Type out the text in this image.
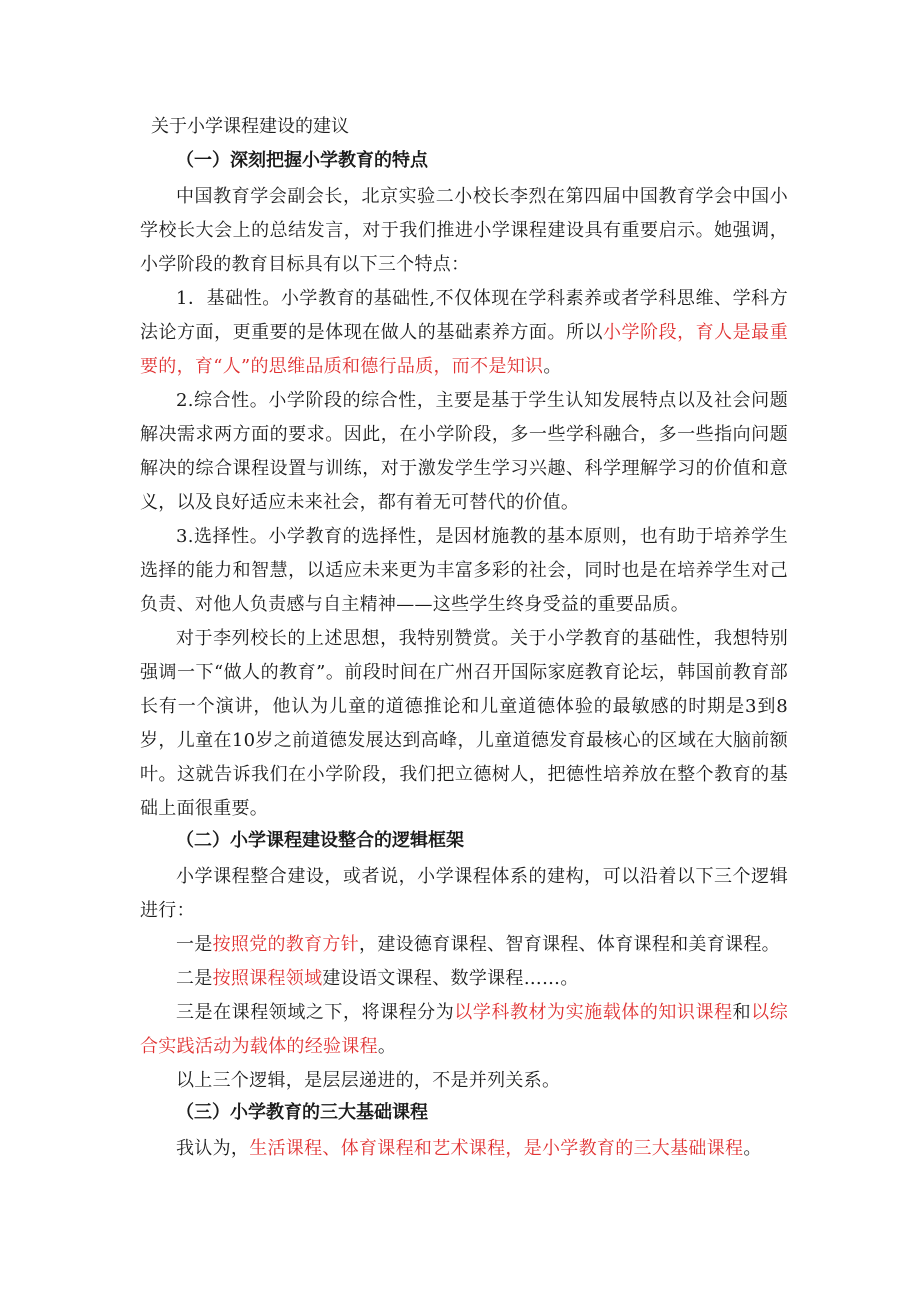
关于小学课程建设的建议
（一）深刻把握小学教育的特点

中国教育学会副会长，北京实验二小校长李烈在第四届中国教育学会中国小学校长大会上的总结发言，对于我们推进小学课程建设具有重要启示。她强调，小学阶段的教育目标具有以下三个特点：

1．基础性。小学教育的基础性,不仅体现在学科素养或者学科思维、学科方法论方面，更重要的是体现在做人的基础素养方面。所以小学阶段，育人是最重要的，育“人”的思维品质和德行品质，而不是知识。

2.综合性。小学阶段的综合性，主要是基于学生认知发展特点以及社会问题解决需求两方面的要求。因此，在小学阶段，多一些学科融合，多一些指向问题解决的综合课程设置与训练，对于激发学生学习兴趣、科学理解学习的价值和意义，以及良好适应未来社会，都有着无可替代的价值。

3.选择性。小学教育的选择性，是因材施教的基本原则，也有助于培养学生选择的能力和智慧，以适应未来更为丰富多彩的社会，同时也是在培养学生对己负责、对他人负责感与自主精神——这些学生终身受益的重要品质。

对于李列校长的上述思想，我特别赞赏。关于小学教育的基础性，我想特别强调一下“做人的教育”。前段时间在广州召开国际家庭教育论坛，韩国前教育部长有一个演讲，他认为儿童的道德推论和儿童道德体验的最敏感的时期是3到8岁，儿童在10岁之前道德发展达到高峰，儿童道德发育最核心的区域在大脑前额叶。这就告诉我们在小学阶段，我们把立德树人，把德性培养放在整个教育的基础上面很重要。

（二）小学课程建设整合的逻辑框架

小学课程整合建设，或者说，小学课程体系的建构，可以沿着以下三个逻辑进行：

一是按照党的教育方针，建设德育课程、智育课程、体育课程和美育课程。

二是按照课程领域建设语文课程、数学课程……。

三是在课程领域之下，将课程分为以学科教材为实施载体的知识课程和以综合实践活动为载体的经验课程。

以上三个逻辑，是层层递进的，不是并列关系。

（三）小学教育的三大基础课程

我认为，生活课程、体育课程和艺术课程，是小学教育的三大基础课程。
